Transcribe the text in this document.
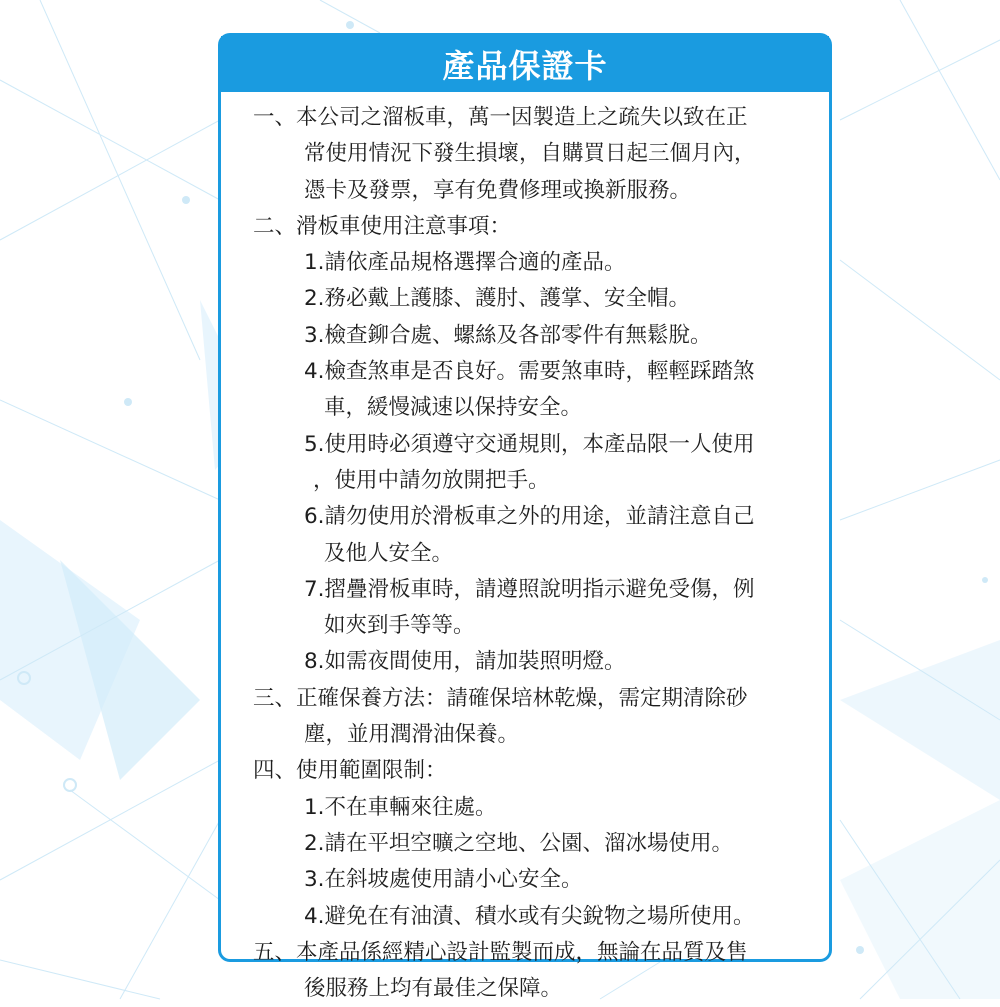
產品保證卡
一、本公司之溜板車，萬一因製造上之疏失以致在正
常使用情況下發生損壞，自購買日起三個月內，
憑卡及發票，享有免費修理或換新服務。
二、滑板車使用注意事項：
1.請依產品規格選擇合適的產品。
2.務必戴上護膝、護肘、護掌、安全帽。
3.檢查鉚合處、螺絲及各部零件有無鬆脫。
4.檢查煞車是否良好。需要煞車時，輕輕踩踏煞
車，緩慢減速以保持安全。
5.使用時必須遵守交通規則，本產品限一人使用
，使用中請勿放開把手。
6.請勿使用於滑板車之外的用途，並請注意自己
及他人安全。
7.摺疊滑板車時，請遵照說明指示避免受傷，例
如夾到手等等。
8.如需夜間使用，請加裝照明燈。
三、正確保養方法：請確保培林乾燥，需定期清除砂
塵，並用潤滑油保養。
四、使用範圍限制：
1.不在車輛來往處。
2.請在平坦空曠之空地、公園、溜冰場使用。
3.在斜坡處使用請小心安全。
4.避免在有油漬、積水或有尖銳物之場所使用。
五、本產品係經精心設計監製而成，無論在品質及售
後服務上均有最佳之保障。
